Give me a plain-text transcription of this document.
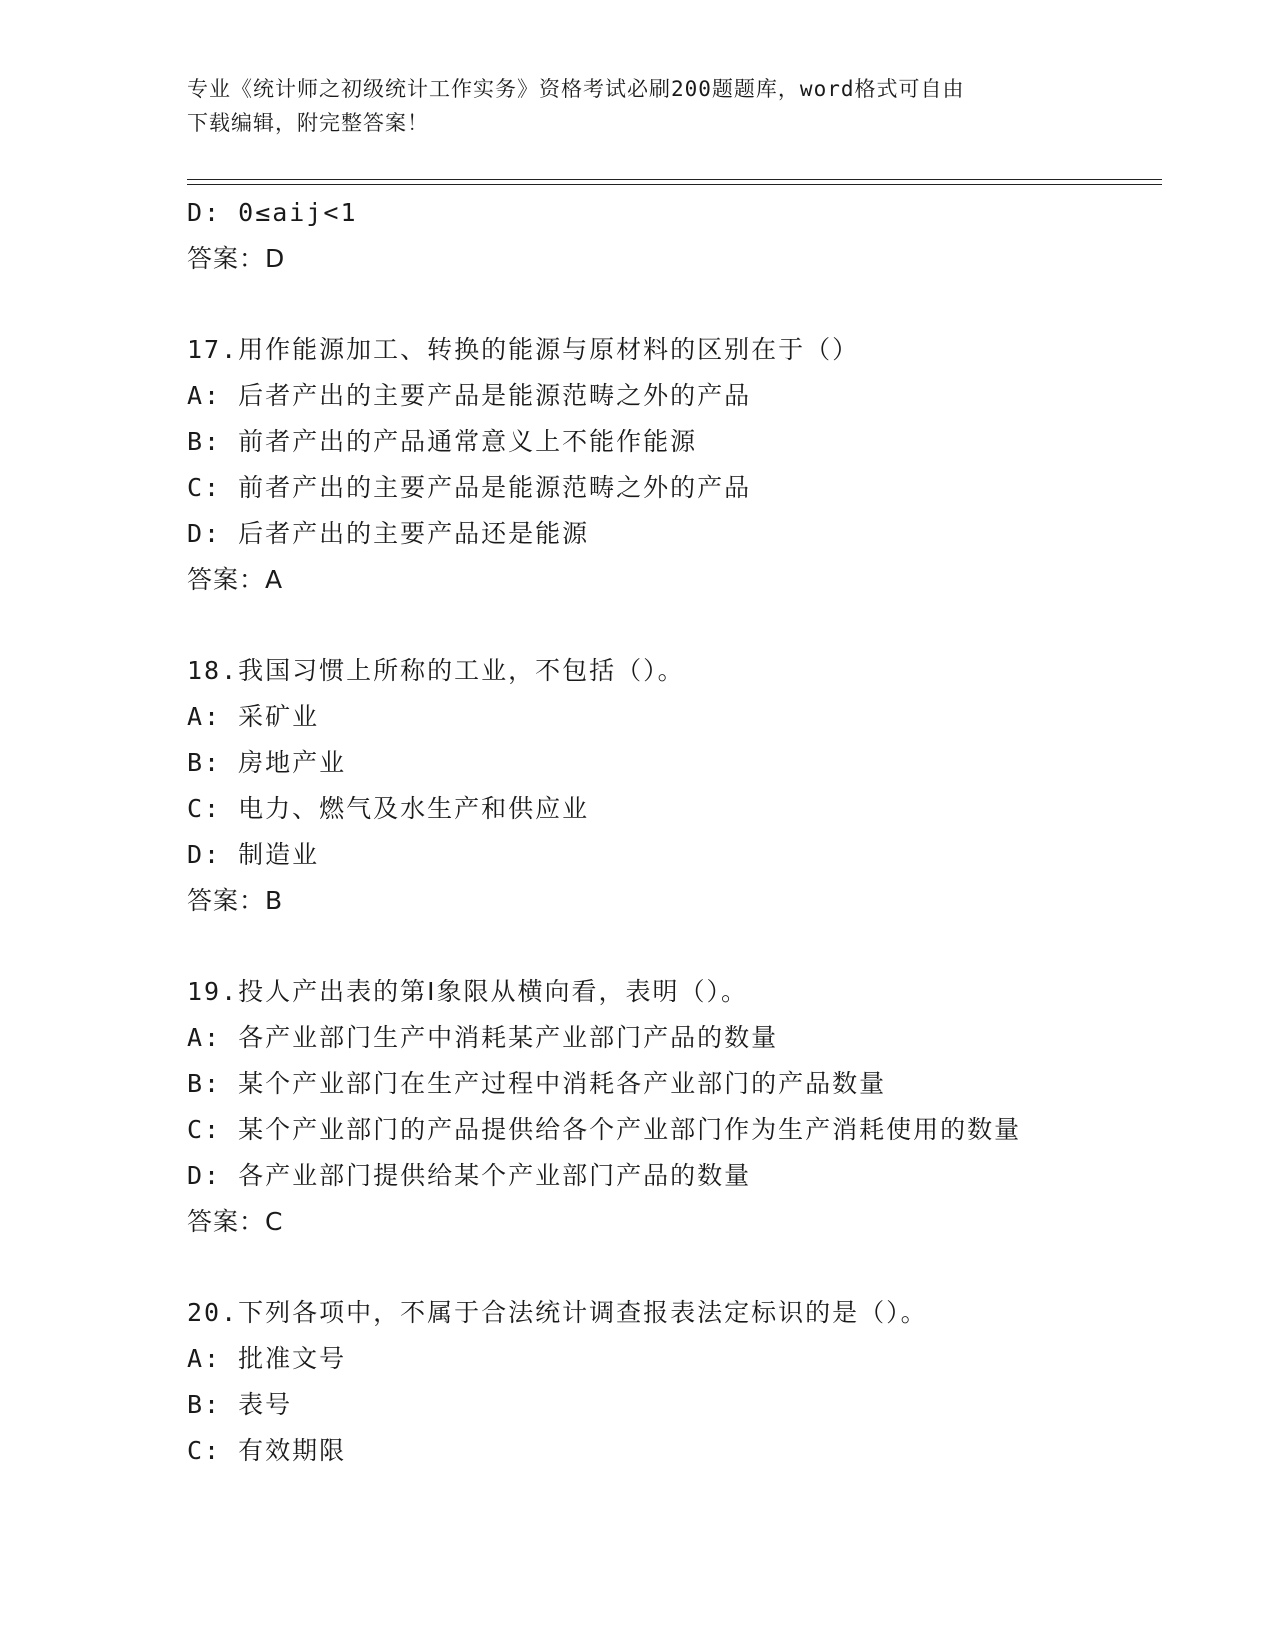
专业《统计师之初级统计工作实务》资格考试必刷200题题库，word格式可自由
下载编辑，附完整答案！
D: 0≤aij<1
答案：D
17.用作能源加工、转换的能源与原材料的区别在于（）
A: 后者产出的主要产品是能源范畴之外的产品
B: 前者产出的产品通常意义上不能作能源
C: 前者产出的主要产品是能源范畴之外的产品
D: 后者产出的主要产品还是能源
答案：A
18.我国习惯上所称的工业，不包括（）。
A: 采矿业
B: 房地产业
C: 电力、燃气及水生产和供应业
D: 制造业
答案：B
19.投人产出表的第Ⅰ象限从横向看，表明（）。
A: 各产业部门生产中消耗某产业部门产品的数量
B: 某个产业部门在生产过程中消耗各产业部门的产品数量
C: 某个产业部门的产品提供给各个产业部门作为生产消耗使用的数量
D: 各产业部门提供给某个产业部门产品的数量
答案：C
20.下列各项中，不属于合法统计调查报表法定标识的是（）。
A: 批准文号
B: 表号
C: 有效期限
